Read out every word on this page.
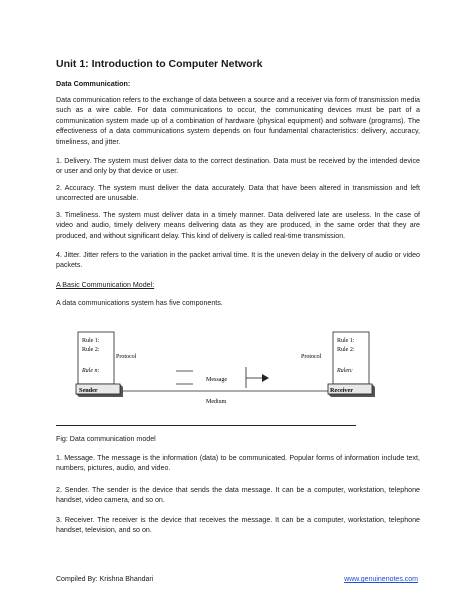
Unit 1: Introduction to Computer Network
Data Communication:

Data communication refers to the exchange of data between a source and a receiver via form of transmission media such as a wire cable. For data communications to occur, the communicating devices must be part of a communication system made up of a combination of hardware (physical equipment) and software (programs). The effectiveness of a data communications system depends on four fundamental characteristics: delivery, accuracy, timeliness, and jitter.

1. Delivery. The system must deliver data to the correct destination. Data must be received by the intended device or user and only by that device or user.

2. Accuracy. The system must deliver the data accurately. Data that have been altered in transmission and left uncorrected are unusable.

3. Timeliness. The system must deliver data in a timely manner. Data delivered late are useless. In the case of video and audio, timely delivery means delivering data as they are produced, in the same order that they are produced, and without significant delay. This kind of delivery is called real-time transmission.

4. Jitter. Jitter refers to the variation in the packet arrival time. It is the uneven delay in the delivery of audio or video packets.

A Basic Communication Model:

A data communications system has five components.

Rule 1:
Rule 2:
Rule n:
Protocol
Sender
Rule 1:
Rule 2:
Rulen:
Protocol
Receiver
Medium
Message

Fig: Data communication model

1. Message. The message is the information (data) to be communicated. Popular forms of information include text, numbers, pictures, audio, and video.

2. Sender. The sender is the device that sends the data message. It can be a computer, workstation, telephone handset, video camera, and so on.

3. Receiver. The receiver is the device that receives the message. It can be a computer, workstation, telephone handset, television, and so on.

Compiled By: Krishna Bhandari	www.genuinenotes.com
